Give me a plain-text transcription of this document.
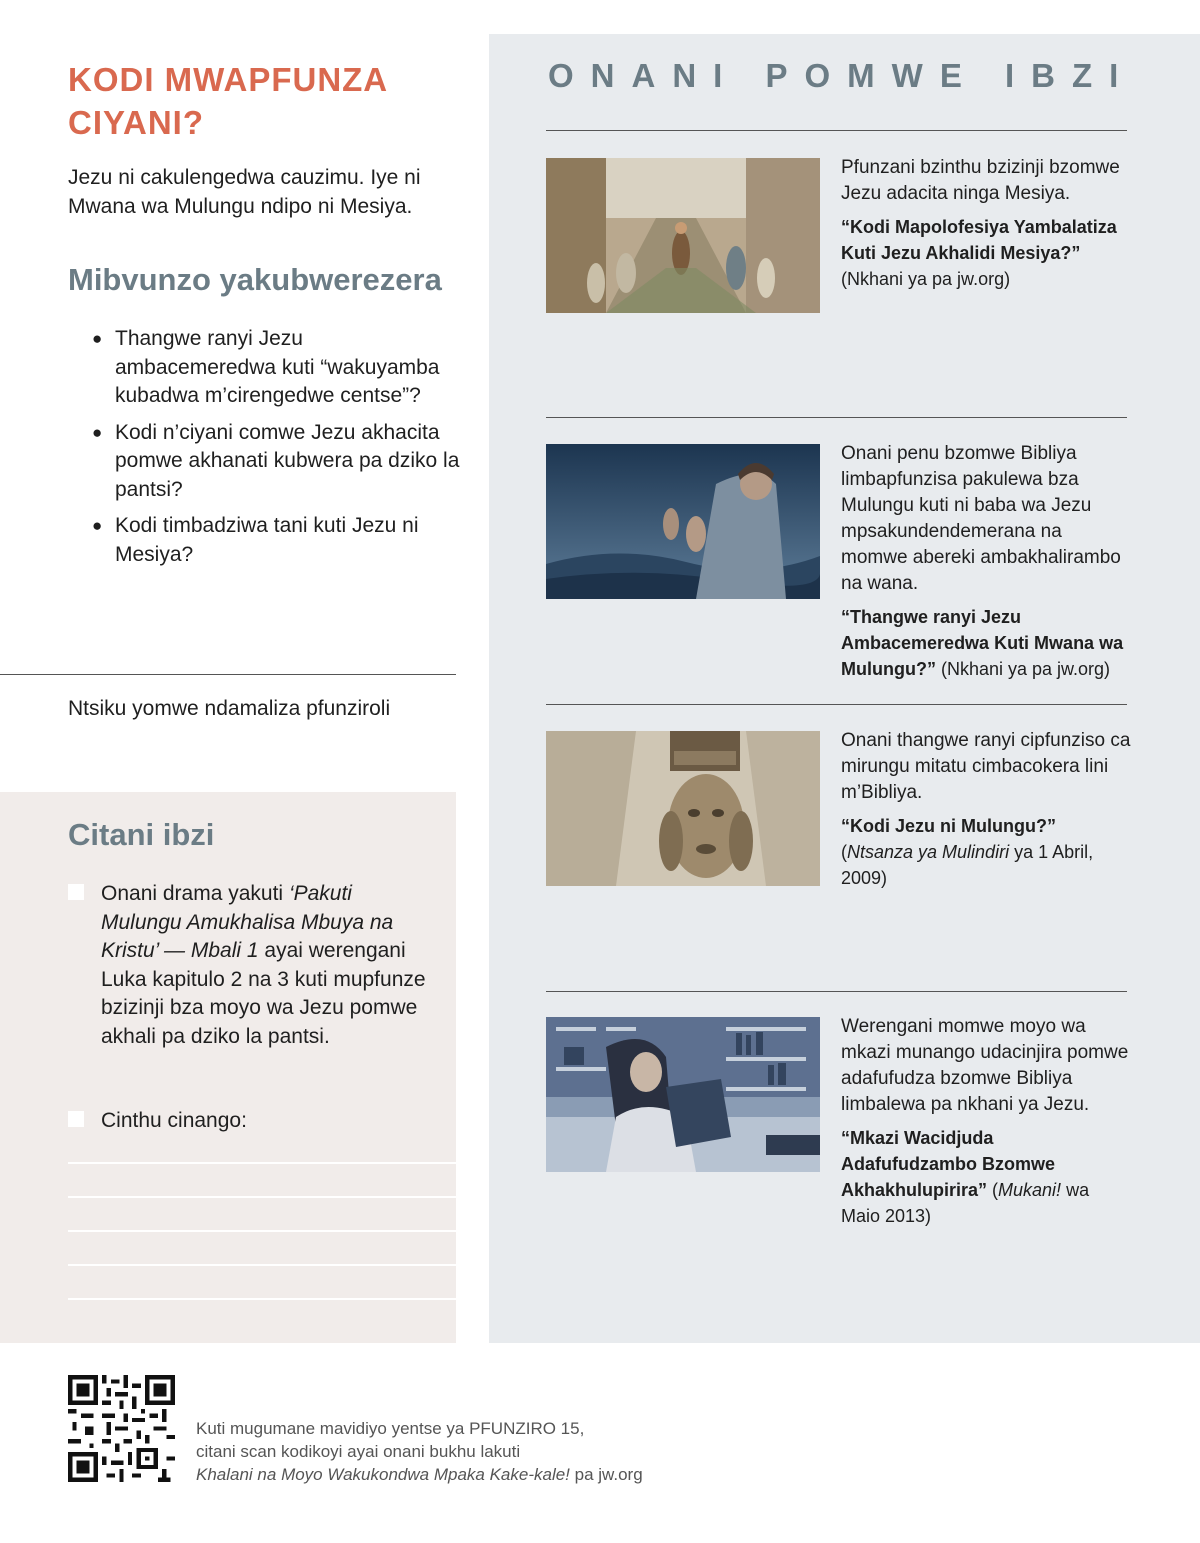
KODI MWAPFUNZA CIYANI?

Jezu ni cakulengedwa cauzimu. Iye ni Mwana wa Mulungu ndipo ni Mesiya.

Mibvunzo yakubwerezera
● Thangwe ranyi Jezu ambacemeredwa kuti “wakuyamba kubadwa m’cirengedwe centse”?
● Kodi n’ciyani comwe Jezu akhacita pomwe akhanati kubwera pa dziko la pantsi?
● Kodi timbadziwa tani kuti Jezu ni Mesiya?
Ntsiku yomwe ndamaliza pfunziroli
Citani ibzi
Onani drama yakuti ‘Pakuti Mulungu Amukhalisa Mbuya na Kristu’ — Mbali 1 ayai werengani Luka kapitulo 2 na 3 kuti mupfunze bzizinji bza moyo wa Jezu pomwe akhali pa dziko la pantsi.
Cinthu cinango:
ONANI POMWE IBZI
Pfunzani bzinthu bzizinji bzomwe Jezu adacita ninga Mesiya.
“Kodi Mapolofesiya Yambalatiza Kuti Jezu Akhalidi Mesiya?” (Nkhani ya pa jw.org)
Onani penu bzomwe Bibliya limbapfunzisa pakulewa bza Mulungu kuti ni baba wa Jezu mpsakundendemerana na momwe abereki ambakhalirambo na wana.
“Thangwe ranyi Jezu Ambacemeredwa Kuti Mwana wa Mulungu?” (Nkhani ya pa jw.org)
Onani thangwe ranyi cipfunziso ca mirungu mitatu cimbacokera lini m’Bibliya.
“Kodi Jezu ni Mulungu?” (Ntsanza ya Mulindiri ya 1 Abril, 2009)
Werengani momwe moyo wa mkazi munango udacinjira pomwe adafufudza bzomwe Bibliya limbalewa pa nkhani ya Jezu.
“Mkazi Wacidjuda Adafufudzambo Bzomwe Akhakhulupirira” (Mukani! wa Maio 2013)
Kuti mugumane mavidiyo yentse ya PFUNZIRO 15,
citani scan kodikoyi ayai onani bukhu lakuti
Khalani na Moyo Wakukondwa Mpaka Kake-kale! pa jw.org
